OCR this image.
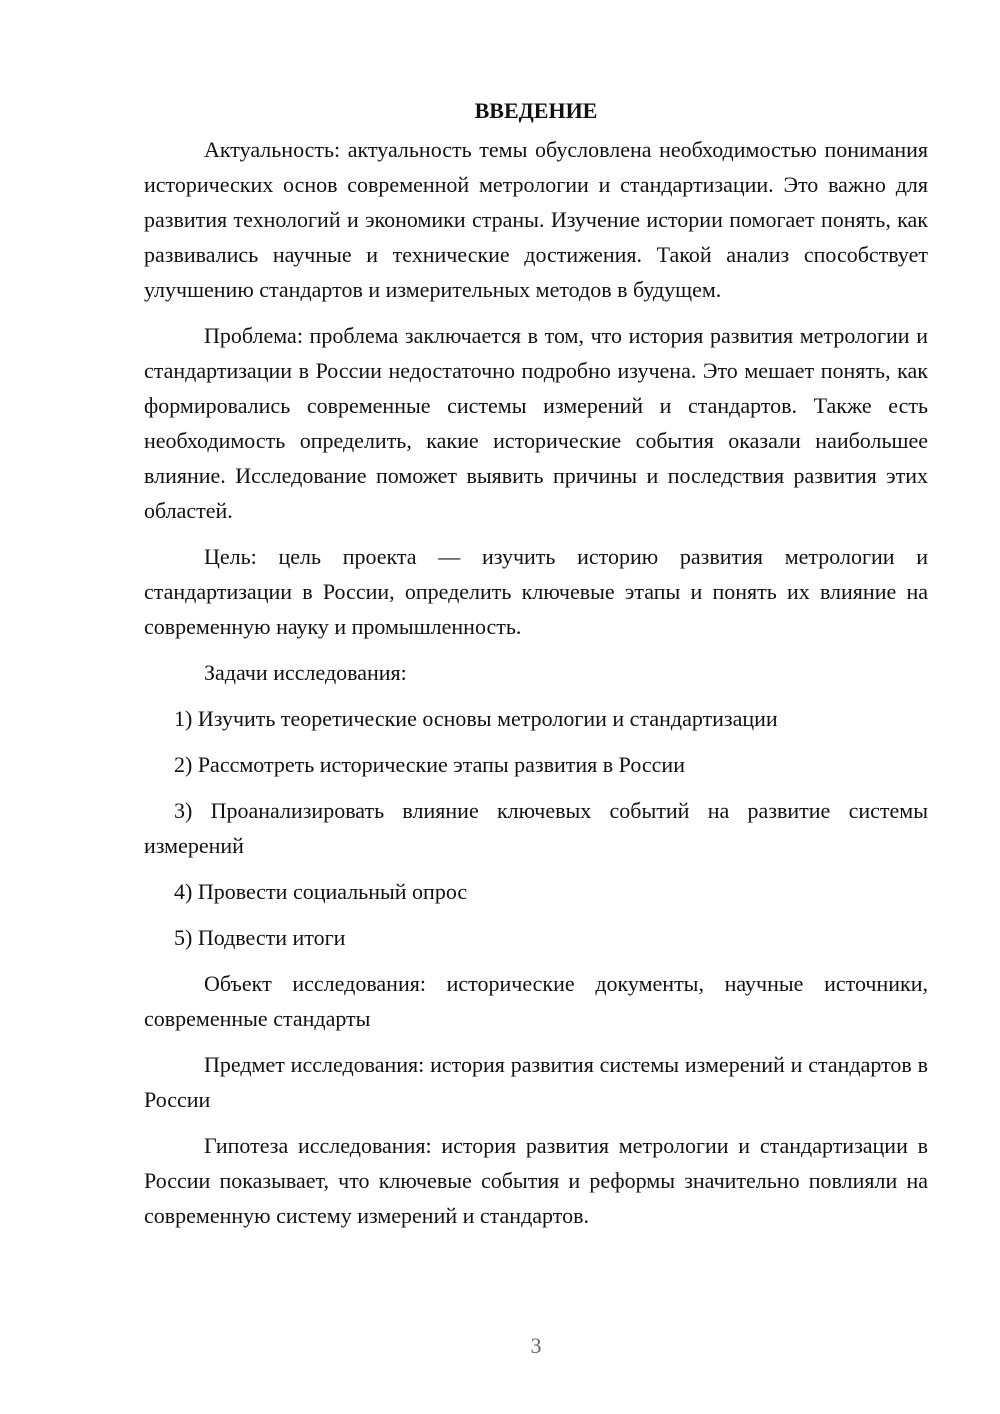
ВВЕДЕНИЕ

Актуальность: актуальность темы обусловлена необходимостью понимания исторических основ современной метрологии и стандартизации. Это важно для развития технологий и экономики страны. Изучение истории помогает понять, как развивались научные и технические достижения. Такой анализ способствует улучшению стандартов и измерительных методов в будущем.

Проблема: проблема заключается в том, что история развития метрологии и стандартизации в России недостаточно подробно изучена. Это мешает понять, как формировались современные системы измерений и стандартов. Также есть необходимость определить, какие исторические события оказали наибольшее влияние. Исследование поможет выявить причины и последствия развития этих областей.

Цель: цель проекта — изучить историю развития метрологии и стандартизации в России, определить ключевые этапы и понять их влияние на современную науку и промышленность.

Задачи исследования:

1) Изучить теоретические основы метрологии и стандартизации

2) Рассмотреть исторические этапы развития в России

3) Проанализировать влияние ключевых событий на развитие системы измерений

4) Провести социальный опрос

5) Подвести итоги

Объект исследования: исторические документы, научные источники, современные стандарты

Предмет исследования: история развития системы измерений и стандартов в России

Гипотеза исследования: история развития метрологии и стандартизации в России показывает, что ключевые события и реформы значительно повлияли на современную систему измерений и стандартов.

3
